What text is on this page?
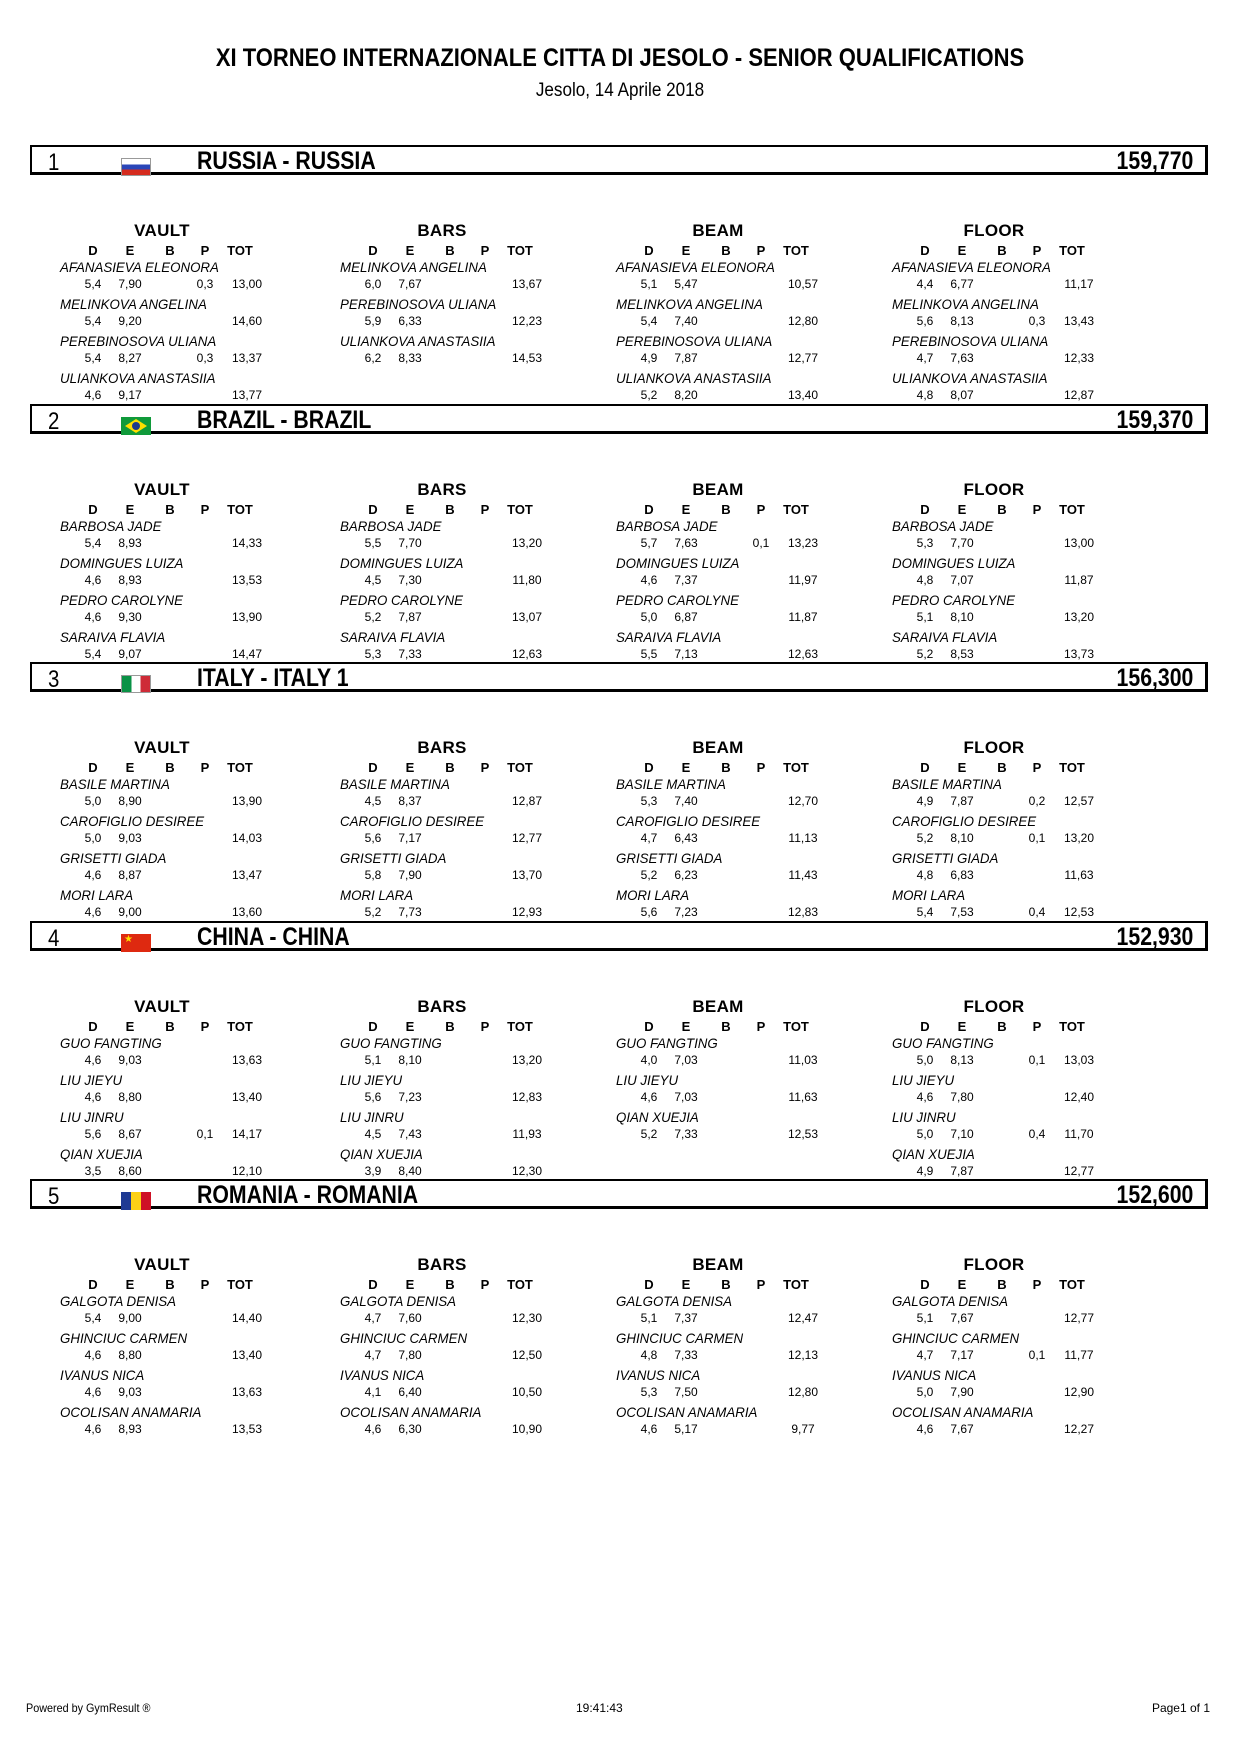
XI TORNEO INTERNAZIONALE CITTA DI JESOLO - SENIOR QUALIFICATIONS
Jesolo, 14 Aprile 2018
1	RUSSIA - RUSSIA	159,770
VAULT
D	E	B	P	TOT
AFANASIEVA ELEONORA
5,4	7,90	0,3	13,00
MELINKOVA ANGELINA
5,4	9,20	14,60
PEREBINOSOVA ULIANA
5,4	8,27	0,3	13,37
ULIANKOVA ANASTASIIA
4,6	9,17	13,77
BARS
D	E	B	P	TOT
MELINKOVA ANGELINA
6,0	7,67	13,67
PEREBINOSOVA ULIANA
5,9	6,33	12,23
ULIANKOVA ANASTASIIA
6,2	8,33	14,53
BEAM
D	E	B	P	TOT
AFANASIEVA ELEONORA
5,1	5,47	10,57
MELINKOVA ANGELINA
5,4	7,40	12,80
PEREBINOSOVA ULIANA
4,9	7,87	12,77
ULIANKOVA ANASTASIIA
5,2	8,20	13,40
FLOOR
D	E	B	P	TOT
AFANASIEVA ELEONORA
4,4	6,77	11,17
MELINKOVA ANGELINA
5,6	8,13	0,3	13,43
PEREBINOSOVA ULIANA
4,7	7,63	12,33
ULIANKOVA ANASTASIIA
4,8	8,07	12,87
2	BRAZIL - BRAZIL	159,370
VAULT
D	E	B	P	TOT
BARBOSA JADE
5,4	8,93	14,33
DOMINGUES LUIZA
4,6	8,93	13,53
PEDRO CAROLYNE
4,6	9,30	13,90
SARAIVA FLAVIA
5,4	9,07	14,47
BARS
D	E	B	P	TOT
BARBOSA JADE
5,5	7,70	13,20
DOMINGUES LUIZA
4,5	7,30	11,80
PEDRO CAROLYNE
5,2	7,87	13,07
SARAIVA FLAVIA
5,3	7,33	12,63
BEAM
D	E	B	P	TOT
BARBOSA JADE
5,7	7,63	0,1	13,23
DOMINGUES LUIZA
4,6	7,37	11,97
PEDRO CAROLYNE
5,0	6,87	11,87
SARAIVA FLAVIA
5,5	7,13	12,63
FLOOR
D	E	B	P	TOT
BARBOSA JADE
5,3	7,70	13,00
DOMINGUES LUIZA
4,8	7,07	11,87
PEDRO CAROLYNE
5,1	8,10	13,20
SARAIVA FLAVIA
5,2	8,53	13,73
3	ITALY - ITALY 1	156,300
VAULT
D	E	B	P	TOT
BASILE MARTINA
5,0	8,90	13,90
CAROFIGLIO DESIREE
5,0	9,03	14,03
GRISETTI GIADA
4,6	8,87	13,47
MORI LARA
4,6	9,00	13,60
BARS
D	E	B	P	TOT
BASILE MARTINA
4,5	8,37	12,87
CAROFIGLIO DESIREE
5,6	7,17	12,77
GRISETTI GIADA
5,8	7,90	13,70
MORI LARA
5,2	7,73	12,93
BEAM
D	E	B	P	TOT
BASILE MARTINA
5,3	7,40	12,70
CAROFIGLIO DESIREE
4,7	6,43	11,13
GRISETTI GIADA
5,2	6,23	11,43
MORI LARA
5,6	7,23	12,83
FLOOR
D	E	B	P	TOT
BASILE MARTINA
4,9	7,87	0,2	12,57
CAROFIGLIO DESIREE
5,2	8,10	0,1	13,20
GRISETTI GIADA
4,8	6,83	11,63
MORI LARA
5,4	7,53	0,4	12,53
4	★	CHINA - CHINA	152,930
VAULT
D	E	B	P	TOT
GUO FANGTING
4,6	9,03	13,63
LIU JIEYU
4,6	8,80	13,40
LIU JINRU
5,6	8,67	0,1	14,17
QIAN XUEJIA
3,5	8,60	12,10
BARS
D	E	B	P	TOT
GUO FANGTING
5,1	8,10	13,20
LIU JIEYU
5,6	7,23	12,83
LIU JINRU
4,5	7,43	11,93
QIAN XUEJIA
3,9	8,40	12,30
BEAM
D	E	B	P	TOT
GUO FANGTING
4,0	7,03	11,03
LIU JIEYU
4,6	7,03	11,63
QIAN XUEJIA
5,2	7,33	12,53
FLOOR
D	E	B	P	TOT
GUO FANGTING
5,0	8,13	0,1	13,03
LIU JIEYU
4,6	7,80	12,40
LIU JINRU
5,0	7,10	0,4	11,70
QIAN XUEJIA
4,9	7,87	12,77
5	ROMANIA - ROMANIA	152,600
VAULT
D	E	B	P	TOT
GALGOTA DENISA
5,4	9,00	14,40
GHINCIUC CARMEN
4,6	8,80	13,40
IVANUS NICA
4,6	9,03	13,63
OCOLISAN ANAMARIA
4,6	8,93	13,53
BARS
D	E	B	P	TOT
GALGOTA DENISA
4,7	7,60	12,30
GHINCIUC CARMEN
4,7	7,80	12,50
IVANUS NICA
4,1	6,40	10,50
OCOLISAN ANAMARIA
4,6	6,30	10,90
BEAM
D	E	B	P	TOT
GALGOTA DENISA
5,1	7,37	12,47
GHINCIUC CARMEN
4,8	7,33	12,13
IVANUS NICA
5,3	7,50	12,80
OCOLISAN ANAMARIA
4,6	5,17	9,77
FLOOR
D	E	B	P	TOT
GALGOTA DENISA
5,1	7,67	12,77
GHINCIUC CARMEN
4,7	7,17	0,1	11,77
IVANUS NICA
5,0	7,90	12,90
OCOLISAN ANAMARIA
4,6	7,67	12,27
Powered by GymResult ®	19:41:43	Page1 of 1
